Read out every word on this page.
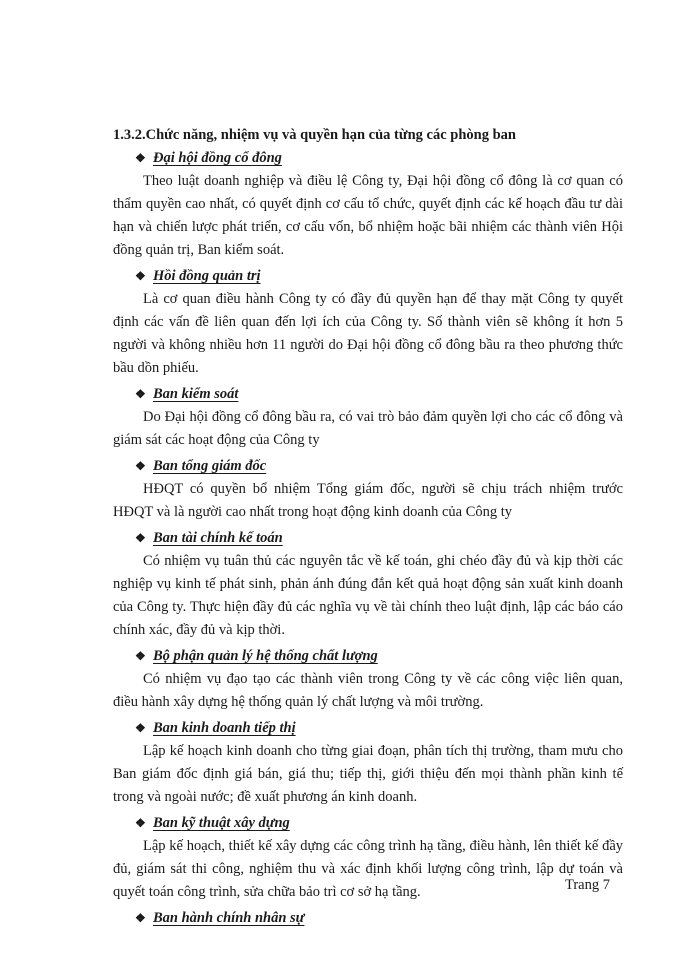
1.3.2.Chức năng, nhiệm vụ và quyền hạn của từng các phòng ban
❖ Đại hội đồng cổ đông

Theo luật doanh nghiệp và điều lệ Công ty, Đại hội đồng cổ đông là cơ quan có thẩm quyền cao nhất, có quyết định cơ cấu tổ chức, quyết định các kế hoạch đầu tư dài hạn và chiến lược phát triển, cơ cấu vốn, bổ nhiệm hoặc bãi nhiệm các thành viên Hội đồng quản trị, Ban kiểm soát.

❖ Hồi đồng quản trị

Là cơ quan điều hành Công ty có đầy đủ quyền hạn để thay mặt Công ty quyết định các vấn đề liên quan đến lợi ích của Công ty. Số thành viên sẽ không ít hơn 5 người và không nhiều hơn 11 người do Đại hội đồng cổ đông bầu ra theo phương thức bầu dồn phiếu.

❖ Ban kiểm soát

Do Đại hội đồng cổ đông bầu ra, có vai trò bảo đảm quyền lợi cho các cổ đông và giám sát các hoạt động của Công ty

❖ Ban tổng giám đốc

HĐQT có quyền bổ nhiệm Tổng giám đốc, người sẽ chịu trách nhiệm trước HĐQT và là người cao nhất trong hoạt động kinh doanh của Công ty

❖ Ban tài chính kế toán

Có nhiệm vụ tuân thủ các nguyên tắc về kế toán, ghi chéo đầy đủ và kịp thời các nghiệp vụ kinh tế phát sinh, phản ánh đúng đắn kết quả hoạt động sản xuất kinh doanh của Công ty. Thực hiện đầy đủ các nghĩa vụ về tài chính theo luật định, lập các báo cáo chính xác, đầy đủ và kịp thời.

❖ Bộ phận quản lý hệ thống chất lượng

Có nhiệm vụ đạo tạo các thành viên trong Công ty về các công việc liên quan, điều hành xây dựng hệ thống quản lý chất lượng và môi trường.

❖ Ban kinh doanh tiếp thị

Lập kế hoạch kinh doanh cho từng giai đoạn, phân tích thị trường, tham mưu cho Ban giám đốc định giá bán, giá thu; tiếp thị, giới thiệu đến mọi thành phần kinh tế trong và ngoài nước; đề xuất phương án kinh doanh.

❖ Ban kỹ thuật xây dựng

Lập kế hoạch, thiết kế xây dựng các công trình hạ tầng, điều hành, lên thiết kế đầy đủ, giám sát thi công, nghiệm thu và xác định khối lượng công trình, lập dự toán và quyết toán công trình, sửa chữa bảo trì cơ sở hạ tầng.

❖ Ban hành chính nhân sự
Trang 7
